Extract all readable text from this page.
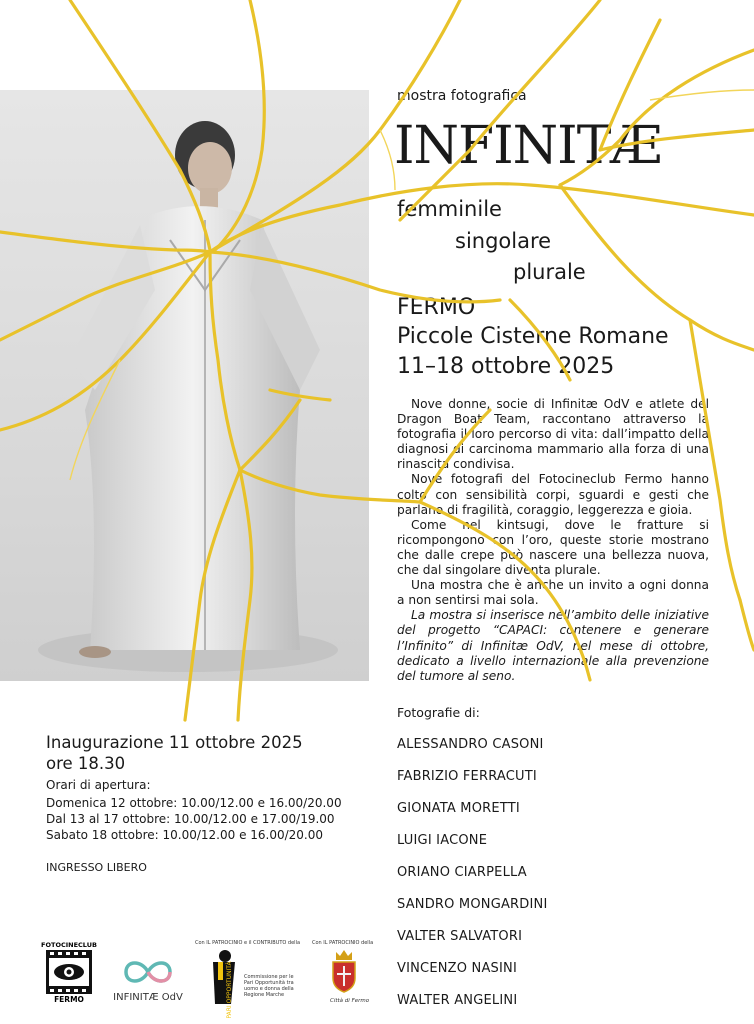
mostra fotografica
INFINITÆ
femminile
singolare
plurale
FERMO
Piccole Cisterne Romane
11–18 ottobre 2025

Nove donne, socie di Infinitæ OdV e atlete del Dragon Boat Team, raccontano attraverso la fotografia il loro percorso di vita: dall’impatto della diagnosi di carcinoma mammario alla forza di una rinascita condivisa.

Nove fotografi del Fotocineclub Fermo hanno colto con sensibilità corpi, sguardi e gesti che parlano di fragilità, coraggio, leggerezza e gioia.

Come nel kintsugi, dove le fratture si ricompongono con l’oro, queste storie mostrano che dalle crepe può nascere una bellezza nuova, che dal singolare diventa plurale.

Una mostra che è anche un invito a ogni donna a non sentirsi mai sola.

La mostra si inserisce nell’ambito delle iniziative del progetto “CAPACI: contenere e generare l’Infinito” di Infinitæ OdV, nel mese di ottobre, dedicato a livello internazionale alla prevenzione del tumore al seno.

Fotografie di:
ALESSANDRO CASONI
FABRIZIO FERRACUTI
GIONATA MORETTI
LUIGI IACONE
ORIANO CIARPELLA
SANDRO MONGARDINI
VALTER SALVATORI
VINCENZO NASINI
WALTER ANGELINI
Inaugurazione 11 ottobre 2025
ore 18.30
Orari di apertura:
Domenica 12 ottobre: 10.00/12.00 e 16.00/20.00
Dal 13 al 17 ottobre: 10.00/12.00 e 17.00/19.00
Sabato 18 ottobre: 10.00/12.00 e 16.00/20.00
INGRESSO LIBERO
FOTOCINECLUB
FERMO	INFINITÆ OdV
Con IL PATROCINIO e il CONTRIBUTO della
PARI OPPORTUNITÀ Commissione per le Pari Opportunità tra uomo e donna della Regione Marche
Con IL PATROCINIO della
Città di Fermo
